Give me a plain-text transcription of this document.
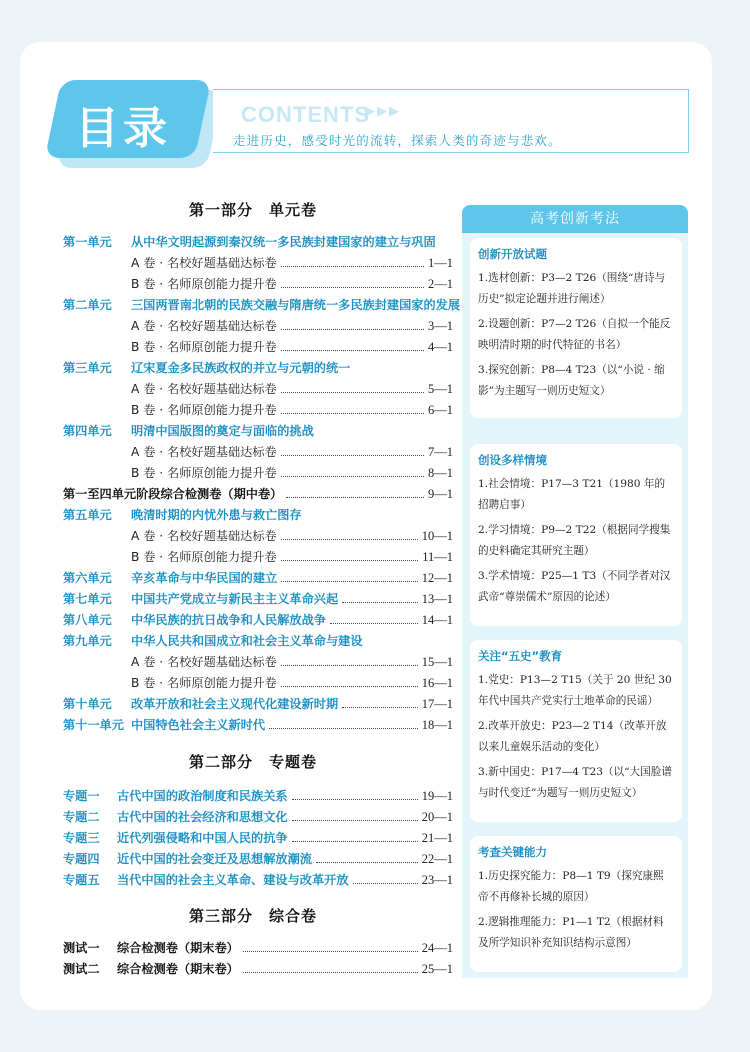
目录	CONTENTS
▶▶▶
走进历史，感受时光的流转，探索人类的奇迹与悲欢。
第一部分　单元卷
第一单元 从中华文明起源到秦汉统一多民族封建国家的建立与巩固
A 卷 · 名校好题基础达标卷	1—1
B 卷 · 名师原创能力提升卷	2—1
第二单元 三国两晋南北朝的民族交融与隋唐统一多民族封建国家的发展
A 卷 · 名校好题基础达标卷	3—1
B 卷 · 名师原创能力提升卷	4—1
第三单元 辽宋夏金多民族政权的并立与元朝的统一
A 卷 · 名校好题基础达标卷	5—1
B 卷 · 名师原创能力提升卷	6—1
第四单元 明清中国版图的奠定与面临的挑战
A 卷 · 名校好题基础达标卷	7—1
B 卷 · 名师原创能力提升卷	8—1
第一至四单元阶段综合检测卷（期中卷）	9—1
第五单元 晚清时期的内忧外患与救亡图存
A 卷 · 名校好题基础达标卷	10—1
B 卷 · 名师原创能力提升卷	11—1
第六单元	辛亥革命与中华民国的建立	12—1
第七单元	中国共产党成立与新民主主义革命兴起	13—1
第八单元	中华民族的抗日战争和人民解放战争	14—1
第九单元 中华人民共和国成立和社会主义革命与建设
A 卷 · 名校好题基础达标卷	15—1
B 卷 · 名师原创能力提升卷	16—1
第十单元	改革开放和社会主义现代化建设新时期	17—1
第十一单元 中国特色社会主义新时代	18—1
第二部分　专题卷
专题一	古代中国的政治制度和民族关系	19—1
专题二	古代中国的社会经济和思想文化	20—1
专题三	近代列强侵略和中国人民的抗争	21—1
专题四	近代中国的社会变迁及思想解放潮流	22—1
专题五	当代中国的社会主义革命、建设与改革开放	23—1
第三部分　综合卷
测试一	综合检测卷（期末卷）	24—1
测试二	综合检测卷（期末卷）	25—1
高考创新考法
创新开放试题
1.选材创新：P3—2 T26（围绕“唐诗与历史”拟定论题并进行阐述）
2.设题创新：P7—2 T26（自拟一个能反映明清时期的时代特征的书名）
3.探究创新：P8—4 T23（以“小说 · 缩影”为主题写一则历史短文）
创设多样情境
1.社会情境：P17—3 T21（1980 年的招聘启事）
2.学习情境：P9—2 T22（根据同学搜集的史料确定其研究主题）
3.学术情境：P25—1 T3（不同学者对汉武帝“尊崇儒术”原因的论述）
关注“五史”教育
1.党史：P13—2 T15（关于 20 世纪 30 年代中国共产党实行土地革命的民谣）
2.改革开放史：P23—2 T14（改革开放以来儿童娱乐活动的变化）
3.新中国史：P17—4 T23（以“大国脸谱与时代变迁”为题写一则历史短文）
考查关键能力
1.历史探究能力：P8—1 T9（探究康熙帝不再修补长城的原因）
2.逻辑推理能力：P1—1 T2（根据材料及所学知识补充知识结构示意图）
